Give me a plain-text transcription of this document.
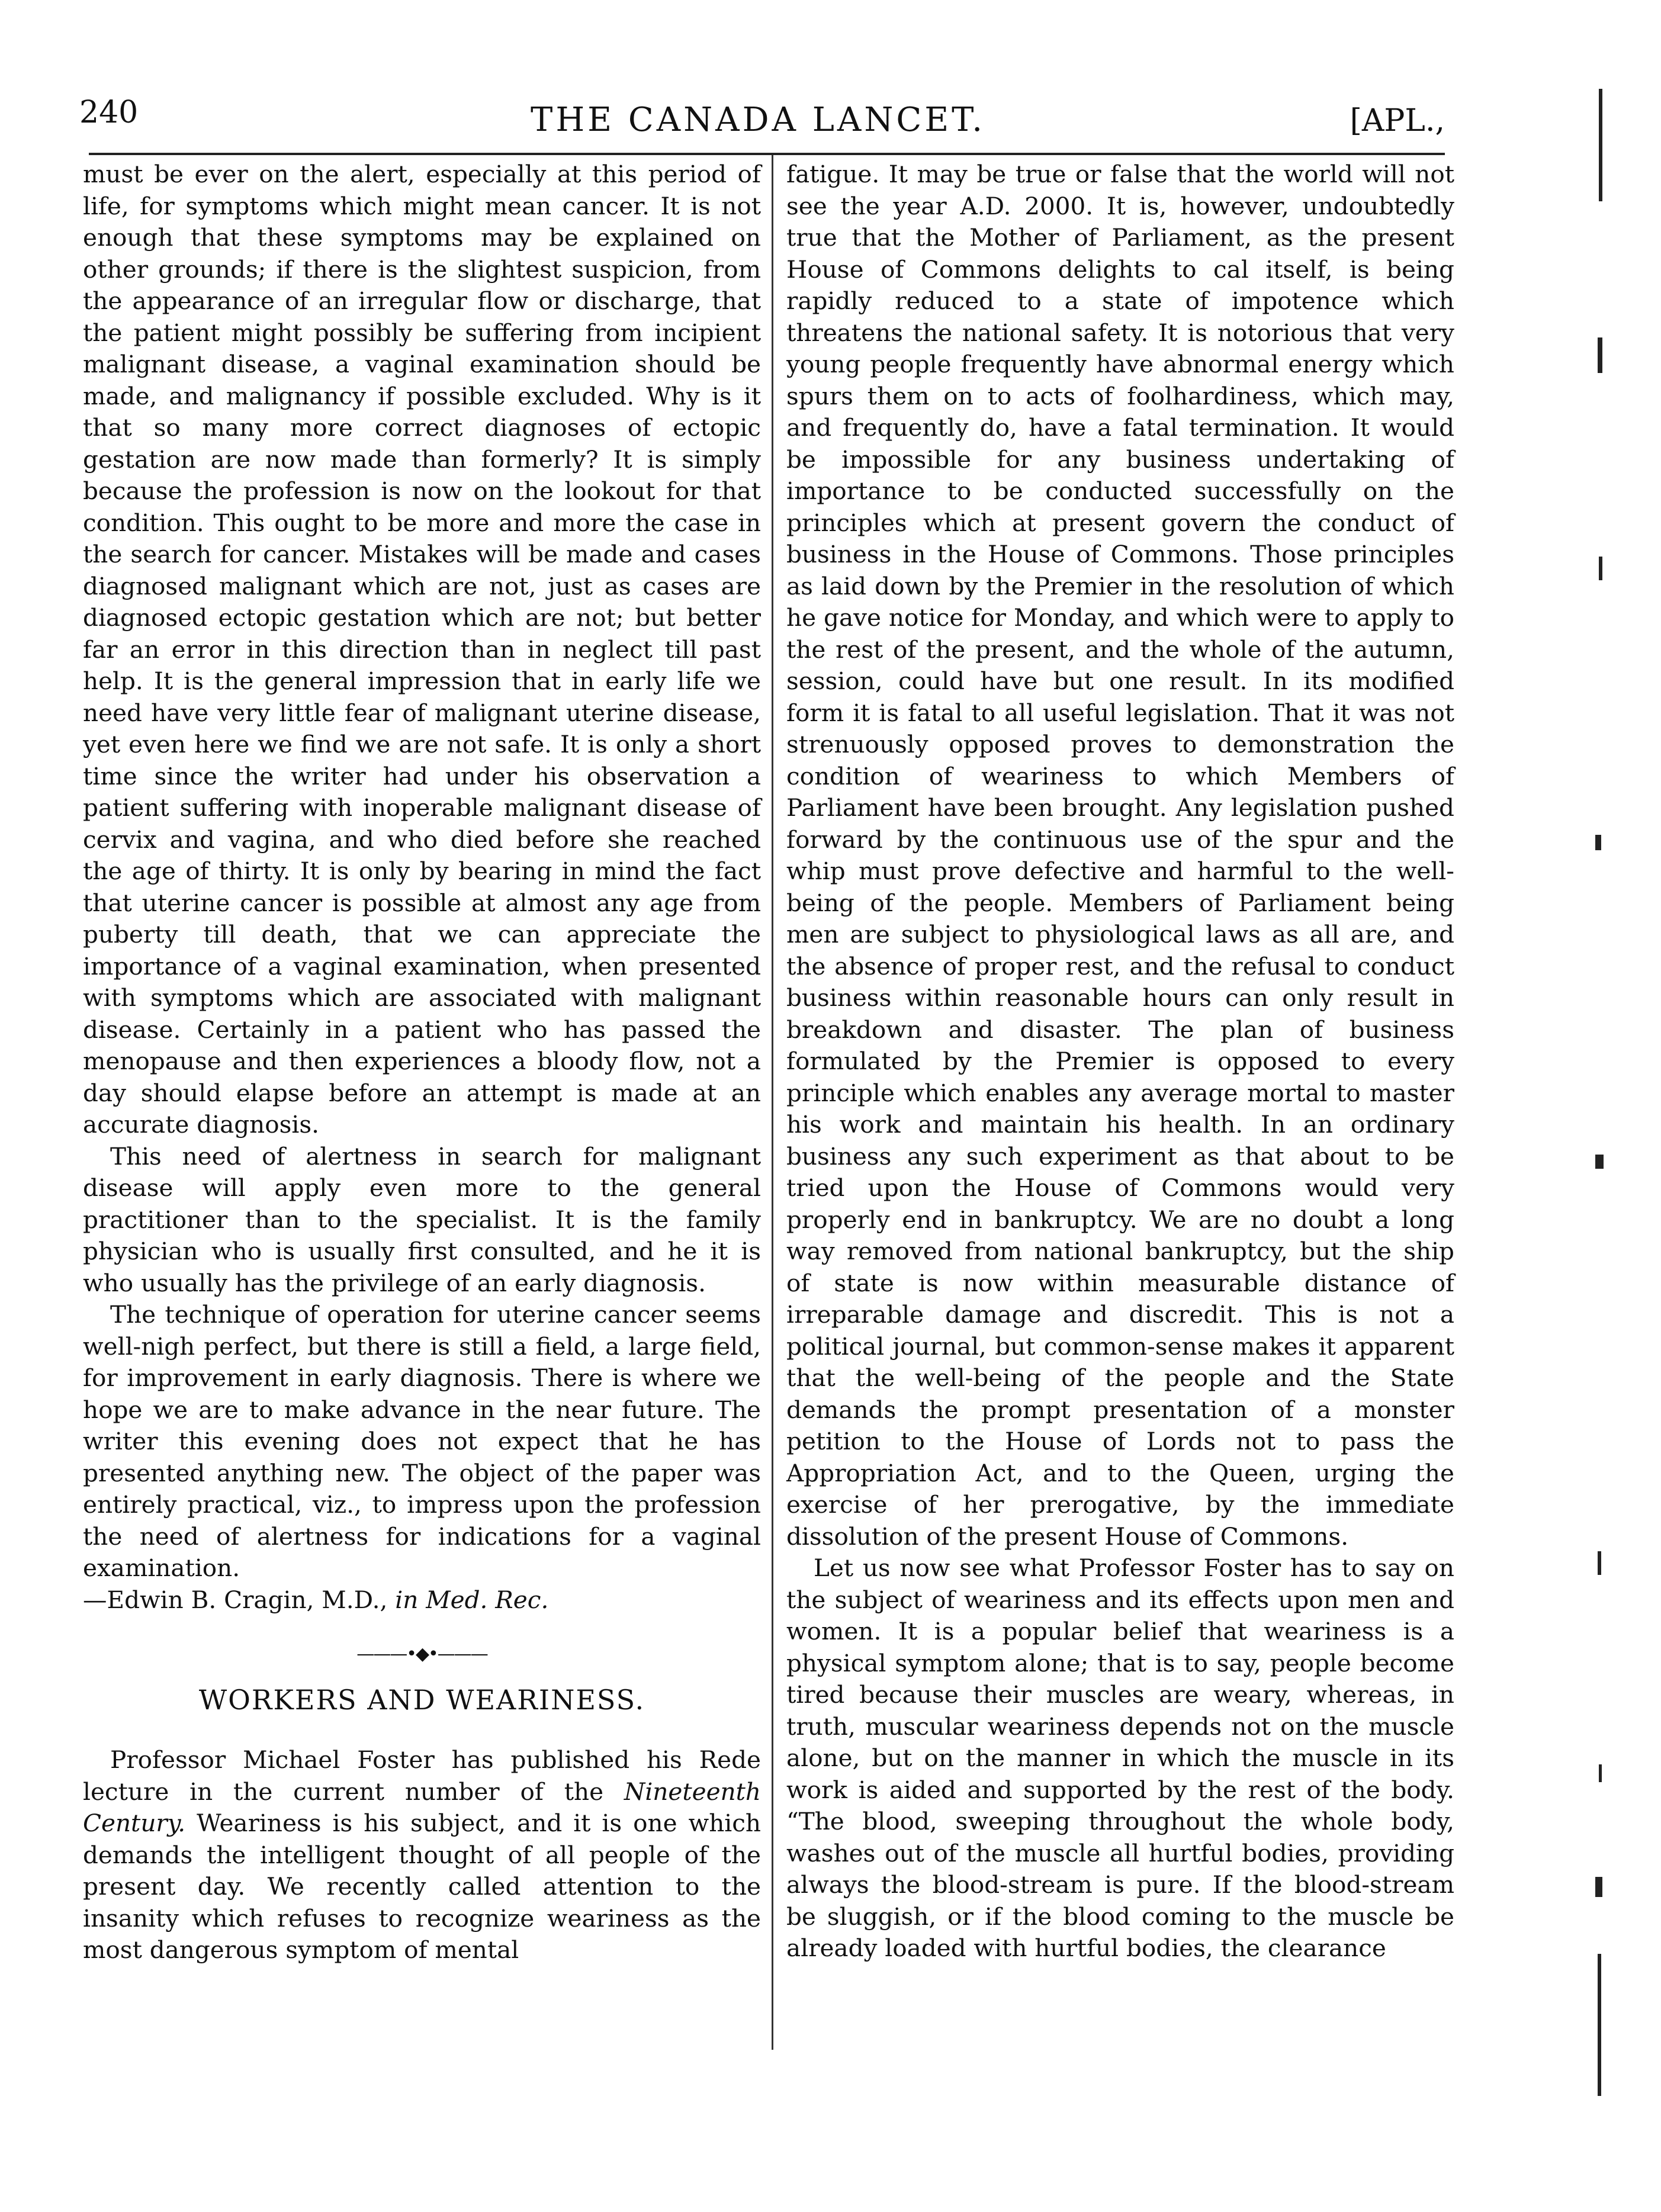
240	THE CANADA LANCET.	[APL.,

must be ever on the alert, especially at this period of life, for symptoms which might mean cancer. It is not enough that these symptoms may be explained on other grounds; if there is the slightest suspicion, from the appearance of an irregular flow or discharge, that the patient might possibly be suffering from incipient malignant disease, a vaginal examination should be made, and malignancy if possible excluded. Why is it that so many more correct diagnoses of ectopic gestation are now made than formerly? It is simply because the profession is now on the lookout for that condition. This ought to be more and more the case in the search for cancer. Mistakes will be made and cases diagnosed malignant which are not, just as cases are diagnosed ectopic gestation which are not; but better far an error in this direction than in neglect till past help. It is the general impression that in early life we need have very little fear of malignant uterine disease, yet even here we find we are not safe. It is only a short time since the writer had under his observation a patient suffering with inoperable malignant disease of cervix and vagina, and who died before she reached the age of thirty. It is only by bearing in mind the fact that uterine cancer is possible at almost any age from puberty till death, that we can appreciate the importance of a vaginal examination, when presented with symptoms which are associated with malignant disease. Certainly in a patient who has passed the menopause and then experiences a bloody flow, not a day should elapse before an attempt is made at an accurate diagnosis.

This need of alertness in search for malignant disease will apply even more to the general practitioner than to the specialist. It is the family physician who is usually first consulted, and he it is who usually has the privilege of an early diagnosis.

The technique of operation for uterine cancer seems well-nigh perfect, but there is still a field, a large field, for improvement in early diagnosis. There is where we hope we are to make advance in the near future. The writer this evening does not expect that he has presented anything new. The object of the paper was entirely practical, viz., to impress upon the profession the need of alertness for indications for a vaginal examination.
—Edwin B. Cragin, M.D., in Med. Rec.

———•◆•———
WORKERS AND WEARINESS.

Professor Michael Foster has published his Rede lecture in the current number of the Nineteenth Century. Weariness is his subject, and it is one which demands the intelligent thought of all people of the present day. We recently called attention to the insanity which refuses to recognize weariness as the most dangerous symptom of mental

fatigue. It may be true or false that the world will not see the year A.D. 2000. It is, however, undoubtedly true that the Mother of Parliament, as the present House of Commons delights to cal itself, is being rapidly reduced to a state of impotence which threatens the national safety. It is notorious that very young people frequently have abnormal energy which spurs them on to acts of foolhardiness, which may, and frequently do, have a fatal termination. It would be impossible for any business undertaking of importance to be conducted successfully on the principles which at present govern the conduct of business in the House of Commons. Those principles as laid down by the Premier in the resolution of which he gave notice for Monday, and which were to apply to the rest of the present, and the whole of the autumn, session, could have but one result. In its modified form it is fatal to all useful legislation. That it was not strenuously opposed proves to demonstration the condition of weariness to which Members of Parliament have been brought. Any legislation pushed forward by the continuous use of the spur and the whip must prove defective and harmful to the well-being of the people. Members of Parliament being men are subject to physiological laws as all are, and the absence of proper rest, and the refusal to conduct business within reasonable hours can only result in breakdown and disaster. The plan of business formulated by the Premier is opposed to every principle which enables any average mortal to master his work and maintain his health. In an ordinary business any such experiment as that about to be tried upon the House of Commons would very properly end in bankruptcy. We are no doubt a long way removed from national bankruptcy, but the ship of state is now within measurable distance of irreparable damage and discredit. This is not a political journal, but common-sense makes it apparent that the well-being of the people and the State demands the prompt presentation of a monster petition to the House of Lords not to pass the Appropriation Act, and to the Queen, urging the exercise of her prerogative, by the immediate dissolution of the present House of Commons.

Let us now see what Professor Foster has to say on the subject of weariness and its effects upon men and women. It is a popular belief that weariness is a physical symptom alone; that is to say, people become tired because their muscles are weary, whereas, in truth, muscular weariness depends not on the muscle alone, but on the manner in which the muscle in its work is aided and supported by the rest of the body. “The blood, sweeping throughout the whole body, washes out of the muscle all hurtful bodies, providing always the blood-stream is pure. If the blood-stream be sluggish, or if the blood coming to the muscle be already loaded with hurtful bodies, the clearance
